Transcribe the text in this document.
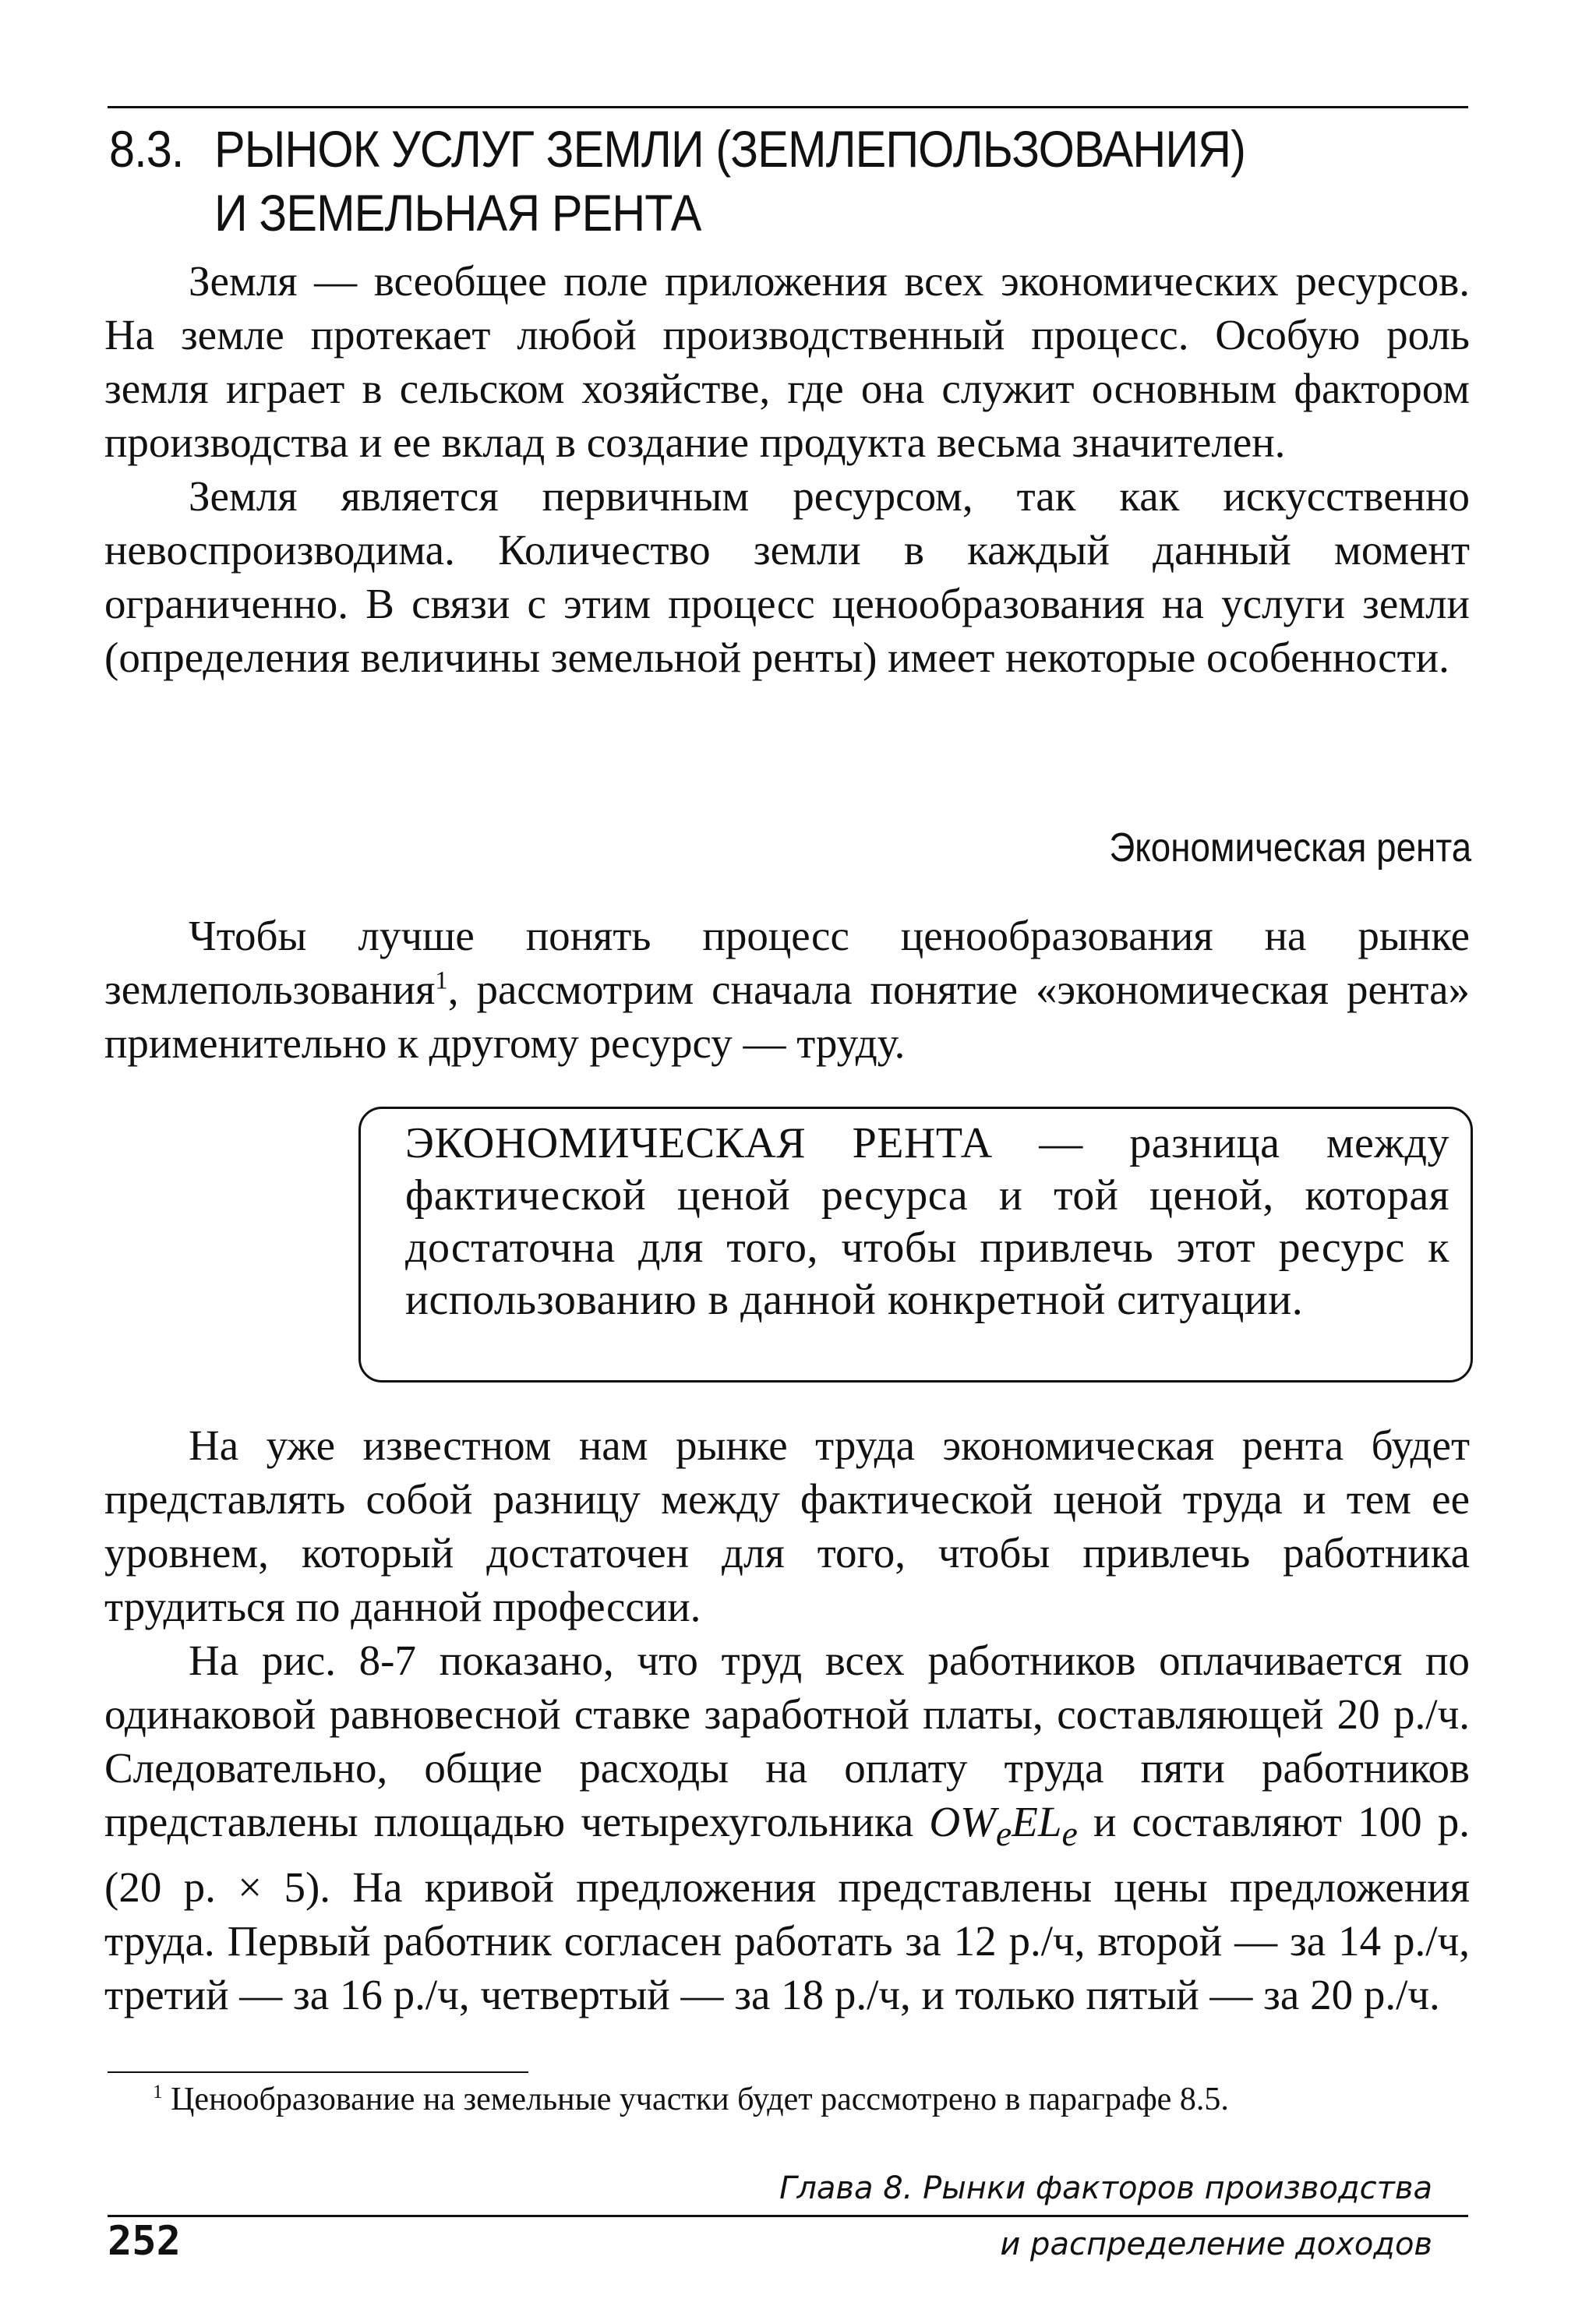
8.3. РЫНОК УСЛУГ ЗЕМЛИ (ЗЕМЛЕПОЛЬЗОВАНИЯ)
И ЗЕМЕЛЬНАЯ РЕНТА

Земля — всеобщее поле приложения всех экономических ресурсов. На земле протекает любой производственный процесс. Особую роль земля играет в сельском хозяйстве, где она служит основным фактором производства и ее вклад в создание продукта весьма значителен.

Земля является первичным ресурсом, так как искусственно невоспроизводима. Количество земли в каждый данный момент ограниченно. В связи с этим процесс ценообразования на услуги земли (определения величины земельной ренты) имеет некоторые особенности.

Экономическая рента

Чтобы лучше понять процесс ценообразования на рынке землепользования$^1$, рассмотрим сначала понятие «экономическая рента» применительно к другому ресурсу — труду.

ЭКОНОМИЧЕСКАЯ РЕНТА — разница между фактической ценой ресурса и той ценой, которая достаточна для того, чтобы привлечь этот ресурс к использованию в данной конкретной ситуации.

На уже известном нам рынке труда экономическая рента будет представлять собой разницу между фактической ценой труда и тем ее уровнем, который достаточен для того, чтобы привлечь работника трудиться по данной профессии.

На рис. 8-7 показано, что труд всех работников оплачивается по одинаковой равновесной ставке заработной платы, составляющей 20 р./ч. Следовательно, общие расходы на оплату труда пяти работников представлены площадью четырехугольника $OW_eEL_e$ и составляют 100 р. (20 р. × 5). На кривой предложения представлены цены предложения труда. Первый работник согласен работать за 12 р./ч, второй — за 14 р./ч, третий — за 16 р./ч, четвертый — за 18 р./ч, и только пятый — за 20 р./ч.

$^1$ Ценообразование на земельные участки будет рассмотрено в параграфе 8.5.
Глава 8. Рынки факторов производства
252	и распределение доходов
